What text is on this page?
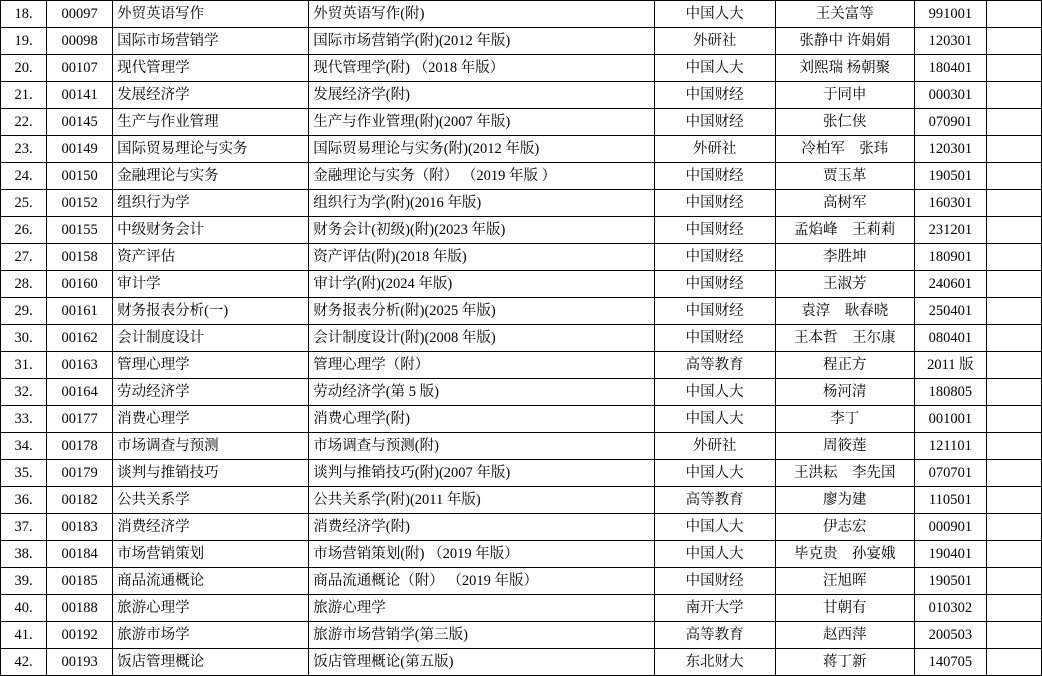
18.	00097	外贸英语写作	外贸英语写作(附)	中国人大	王关富等	991001	
19.	00098	国际市场营销学	国际市场营销学(附)(2012 年版)	外研社	张静中 许娟娟	120301	
20.	00107	现代管理学	现代管理学(附) （2018 年版）	中国人大	刘熙瑞 杨朝聚	180401	
21.	00141	发展经济学	发展经济学(附)	中国财经	于同申	000301	
22.	00145	生产与作业管理	生产与作业管理(附)(2007 年版)	中国财经	张仁侠	070901	
23.	00149	国际贸易理论与实务	国际贸易理论与实务(附)(2012 年版)	外研社	冷柏军　张玮	120301	
24.	00150	金融理论与实务	金融理论与实务（附） （2019 年版 ）	中国财经	贾玉革	190501	
25.	00152	组织行为学	组织行为学(附)(2016 年版)	中国财经	高树军	160301	
26.	00155	中级财务会计	财务会计(初级)(附)(2023 年版)	中国财经	孟焰峰　王莉莉	231201	
27.	00158	资产评估	资产评估(附)(2018 年版)	中国财经	李胜坤	180901	
28.	00160	审计学	审计学(附)(2024 年版)	中国财经	王淑芳	240601	
29.	00161	财务报表分析(一)	财务报表分析(附)(2025 年版)	中国财经	袁淳　耿春晓	250401	
30.	00162	会计制度设计	会计制度设计(附)(2008 年版)	中国财经	王本哲　王尔康	080401	
31.	00163	管理心理学	管理心理学（附）	高等教育	程正方	2011 版	
32.	00164	劳动经济学	劳动经济学(第 5 版)	中国人大	杨河清	180805	
33.	00177	消费心理学	消费心理学(附)	中国人大	李丁	001001	
34.	00178	市场调查与预测	市场调查与预测(附)	外研社	周筱莲	121101	
35.	00179	谈判与推销技巧	谈判与推销技巧(附)(2007 年版)	中国人大	王洪耘　李先国	070701	
36.	00182	公共关系学	公共关系学(附)(2011 年版)	高等教育	廖为建	110501	
37.	00183	消费经济学	消费经济学(附)	中国人大	伊志宏	000901	
38.	00184	市场营销策划	市场营销策划(附) （2019 年版）	中国人大	毕克贵　孙宴娥	190401	
39.	00185	商品流通概论	商品流通概论（附） （2019 年版）	中国财经	汪旭晖	190501	
40.	00188	旅游心理学	旅游心理学	南开大学	甘朝有	010302	
41.	00192	旅游市场学	旅游市场营销学(第三版)	高等教育	赵西萍	200503	
42.	00193	饭店管理概论	饭店管理概论(第五版)	东北财大	蒋丁新	140705	
